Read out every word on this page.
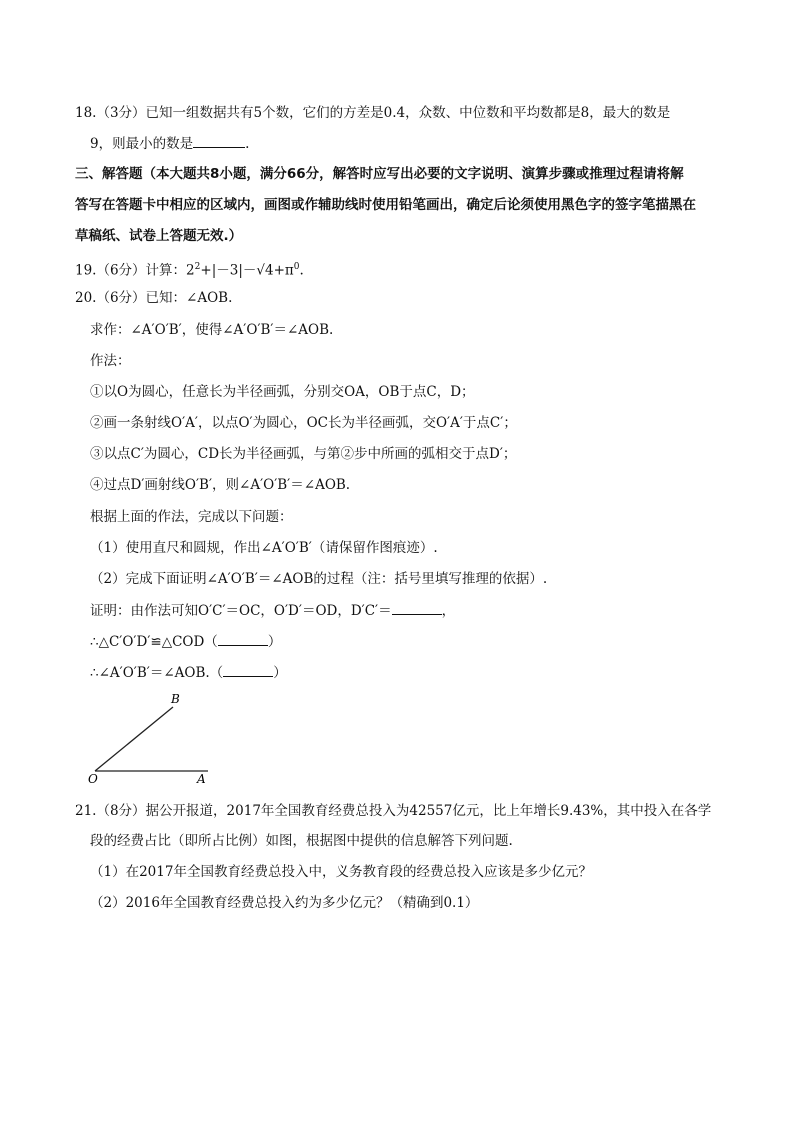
18.（3分）已知一组数据共有5个数，它们的方差是0.4，众数、中位数和平均数都是8，最大的数是
9，则最小的数是	.
三、解答题（本大题共8小题，满分66分，解答时应写出必要的文字说明、演算步骤或推理过程请将解
答写在答题卡中相应的区域内，画图或作辅助线时使用铅笔画出，确定后论须使用黑色字的签字笔描黑在
草稿纸、试卷上答题无效.）
19.（6分）计算：$2^2+|-3|-√4+\pi^0$.
20.（6分）已知：∠AOB.
求作：∠A′O′B′，使得∠A′O′B′＝∠AOB.
作法：
①以O为圆心，任意长为半径画弧，分别交OA，OB于点C，D；
②画一条射线O′A′，以点O′为圆心，OC长为半径画弧，交O′A′于点C′；
③以点C′为圆心，CD长为半径画弧，与第②步中所画的弧相交于点D′；
④过点D′画射线O′B′，则∠A′O′B′＝∠AOB.
根据上面的作法，完成以下问题：
（1）使用直尺和圆规，作出∠A′O′B′（请保留作图痕迹）.
（2）完成下面证明∠A′O′B′＝∠AOB的过程（注：括号里填写推理的依据）.
证明：由作法可知O′C′＝OC，O′D′＝OD，D′C′＝	，
∴△C′O′D′≌△COD（	）
∴∠A′O′B′＝∠AOB.（	）
B
O	A
21.（8分）据公开报道，2017年全国教育经费总投入为42557亿元，比上年增长9.43%，其中投入在各学
段的经费占比（即所占比例）如图，根据图中提供的信息解答下列问题.
（1）在2017年全国教育经费总投入中，义务教育段的经费总投入应该是多少亿元？
（2）2016年全国教育经费总投入约为多少亿元？（精确到0.1）
